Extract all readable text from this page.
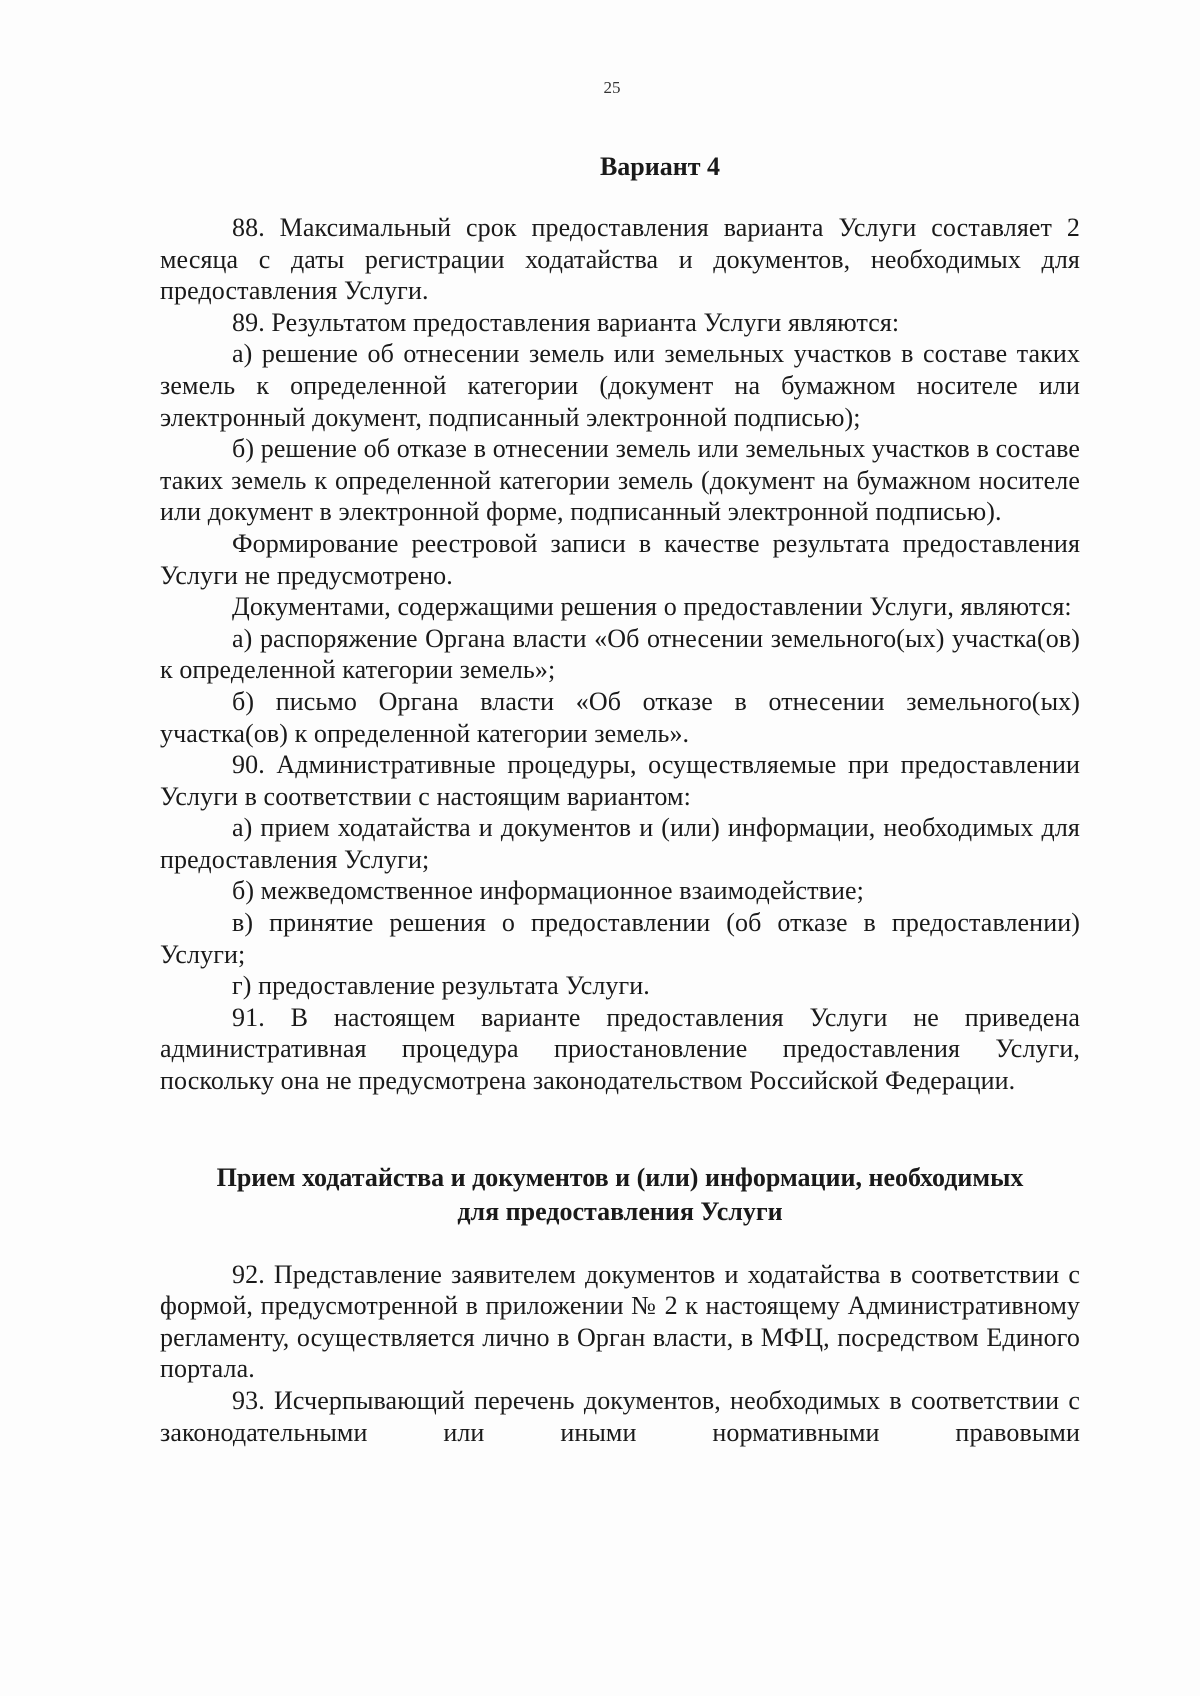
25
Вариант 4

88. Максимальный срок предоставления варианта Услуги составляет 2 месяца с даты регистрации ходатайства и документов, необходимых для предоставления Услуги.

89. Результатом предоставления варианта Услуги являются:

а) решение об отнесении земель или земельных участков в составе таких земель к определенной категории (документ на бумажном носителе или электронный документ, подписанный электронной подписью);

б) решение об отказе в отнесении земель или земельных участков в составе таких земель к определенной категории земель (документ на бумажном носителе или документ в электронной форме, подписанный электронной подписью).

Формирование реестровой записи в качестве результата предоставления Услуги не предусмотрено.

Документами, содержащими решения о предоставлении Услуги, являются:

а) распоряжение Органа власти «Об отнесении земельного(ых) участка(ов) к определенной категории земель»;

б) письмо Органа власти «Об отказе в отнесении земельного(ых) участка(ов) к определенной категории земель».

90. Административные процедуры, осуществляемые при предоставлении Услуги в соответствии с настоящим вариантом:

а) прием ходатайства и документов и (или) информации, необходимых для предоставления Услуги;

б) межведомственное информационное взаимодействие;

в) принятие решения о предоставлении (об отказе в предоставлении) Услуги;

г) предоставление результата Услуги.

91. В настоящем варианте предоставления Услуги не приведена административная процедура приостановление предоставления Услуги, поскольку она не предусмотрена законодательством Российской Федерации.

Прием ходатайства и документов и (или) информации, необходимых
для предоставления Услуги

92. Представление заявителем документов и ходатайства в соответствии с формой, предусмотренной в приложении № 2 к настоящему Административному регламенту, осуществляется лично в Орган власти, в МФЦ, посредством Единого портала.

93. Исчерпывающий перечень документов, необходимых в соответствии с законодательными или иными нормативными правовыми
